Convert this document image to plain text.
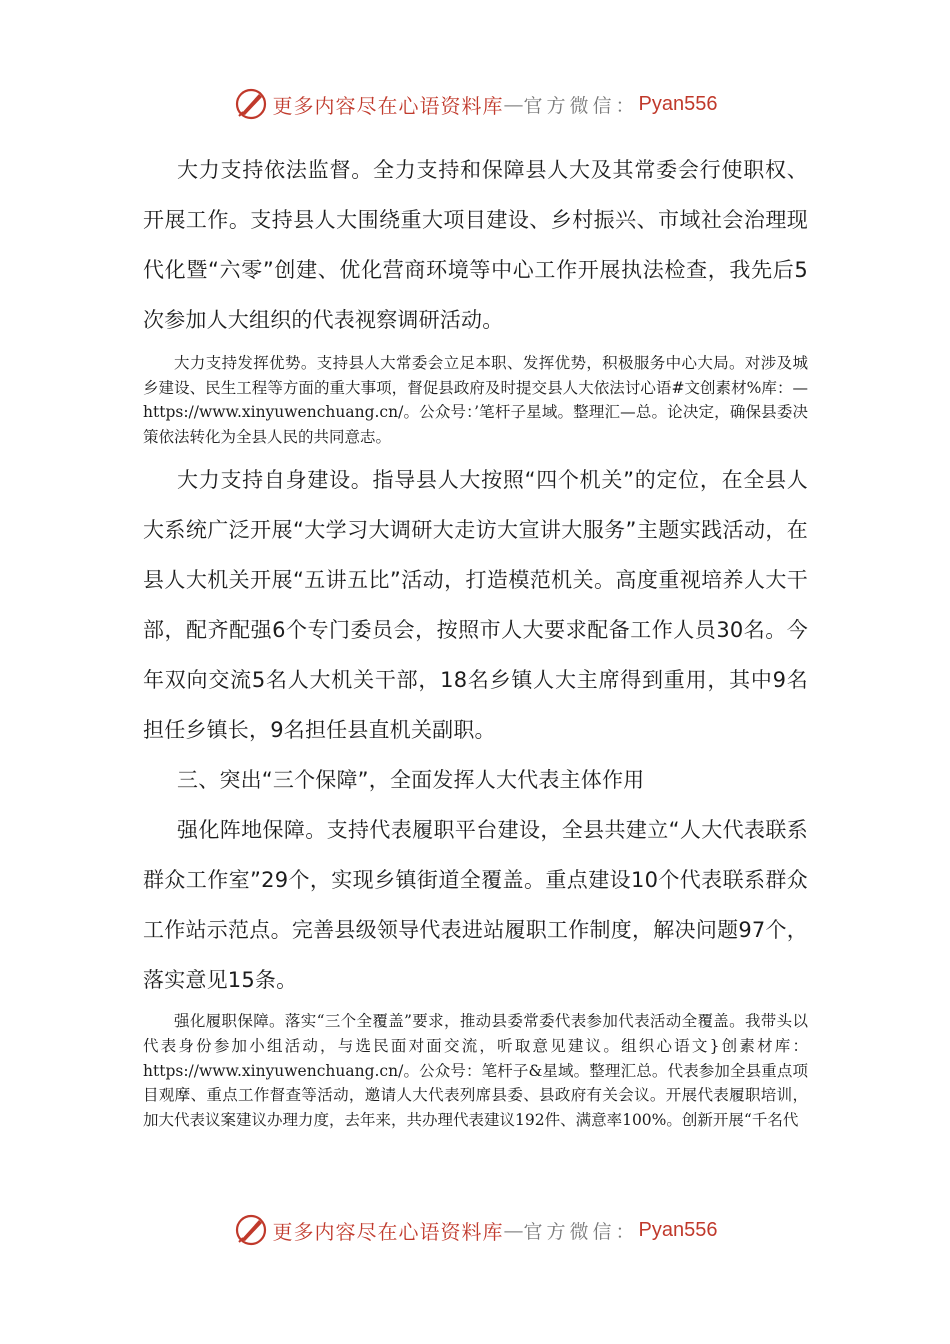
更多内容尽在心语资料库 — 官方微信： Pyan556

大力支持依法监督。全力支持和保障县人大及其常委会行使职权、开展工作。支持县人大围绕重大项目建设、乡村振兴、市域社会治理现代化暨“六零”创建、优化营商环境等中心工作开展执法检查，我先后5次参加人大组织的代表视察调研活动。

大力支持发挥优势。支持县人大常委会立足本职、发挥优势，积极服务中心大局。对涉及城乡建设、民生工程等方面的重大事项，督促县政府及时提交县人大依法讨心语#文创素材%库：—https://www.xinyuwenchuang.cn/。公众号：’笔杆子星域。整理汇—总。论决定，确保县委决策依法转化为全县人民的共同意志。

大力支持自身建设。指导县人大按照“四个机关”的定位，在全县人大系统广泛开展“大学习大调研大走访大宣讲大服务”主题实践活动，在县人大机关开展“五讲五比”活动，打造模范机关。高度重视培养人大干部，配齐配强6个专门委员会，按照市人大要求配备工作人员30名。今年双向交流5名人大机关干部，18名乡镇人大主席得到重用，其中9名担任乡镇长，9名担任县直机关副职。

三、突出“三个保障”，全面发挥人大代表主体作用

强化阵地保障。支持代表履职平台建设，全县共建立“人大代表联系群众工作室”29个，实现乡镇街道全覆盖。重点建设10个代表联系群众工作站示范点。完善县级领导代表进站履职工作制度，解决问题97个，落实意见15条。

强化履职保障。落实“三个全覆盖”要求，推动县委常委代表参加代表活动全覆盖。我带头以代表身份参加小组活动，与选民面对面交流，听取意见建议。组织心语文}创素材库：https://www.xinyuwenchuang.cn/。公众号：笔杆子&星域。整理汇总。代表参加全县重点项目观摩、重点工作督查等活动，邀请人大代表列席县委、县政府有关会议。开展代表履职培训，加大代表议案建议办理力度，去年来，共办理代表建议192件、满意率100%。创新开展“千名代

更多内容尽在心语资料库 — 官方微信： Pyan556
